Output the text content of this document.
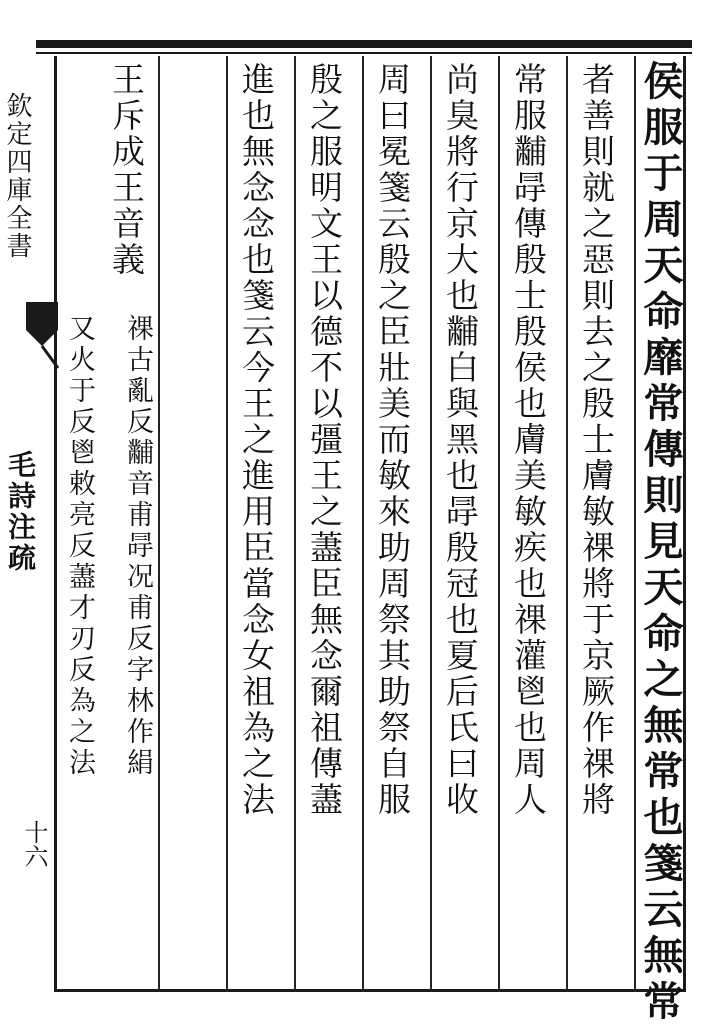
欽定四庫全書
毛詩注疏
十六	侯服于周天命靡常傳則見天命之無常也箋云無常
者善則就之惡則去之殷士膚敏祼將于京厥作祼將
常服黼冔傳殷士殷侯也膚美敏疾也祼灌鬯也周人
尚臭將行京大也黼白與黑也冔殷冠也夏后氏曰收
周曰冕箋云殷之臣壯美而敏來助周祭其助祭自服
殷之服明文王以德不以彊王之藎臣無念爾祖傳藎
進也無念念也箋云今王之進用臣當念女祖為之法
王斥成王音義
祼古亂反黼音甫冔况甫反字林作絹
又火于反鬯敕亮反藎才刃反為之法
